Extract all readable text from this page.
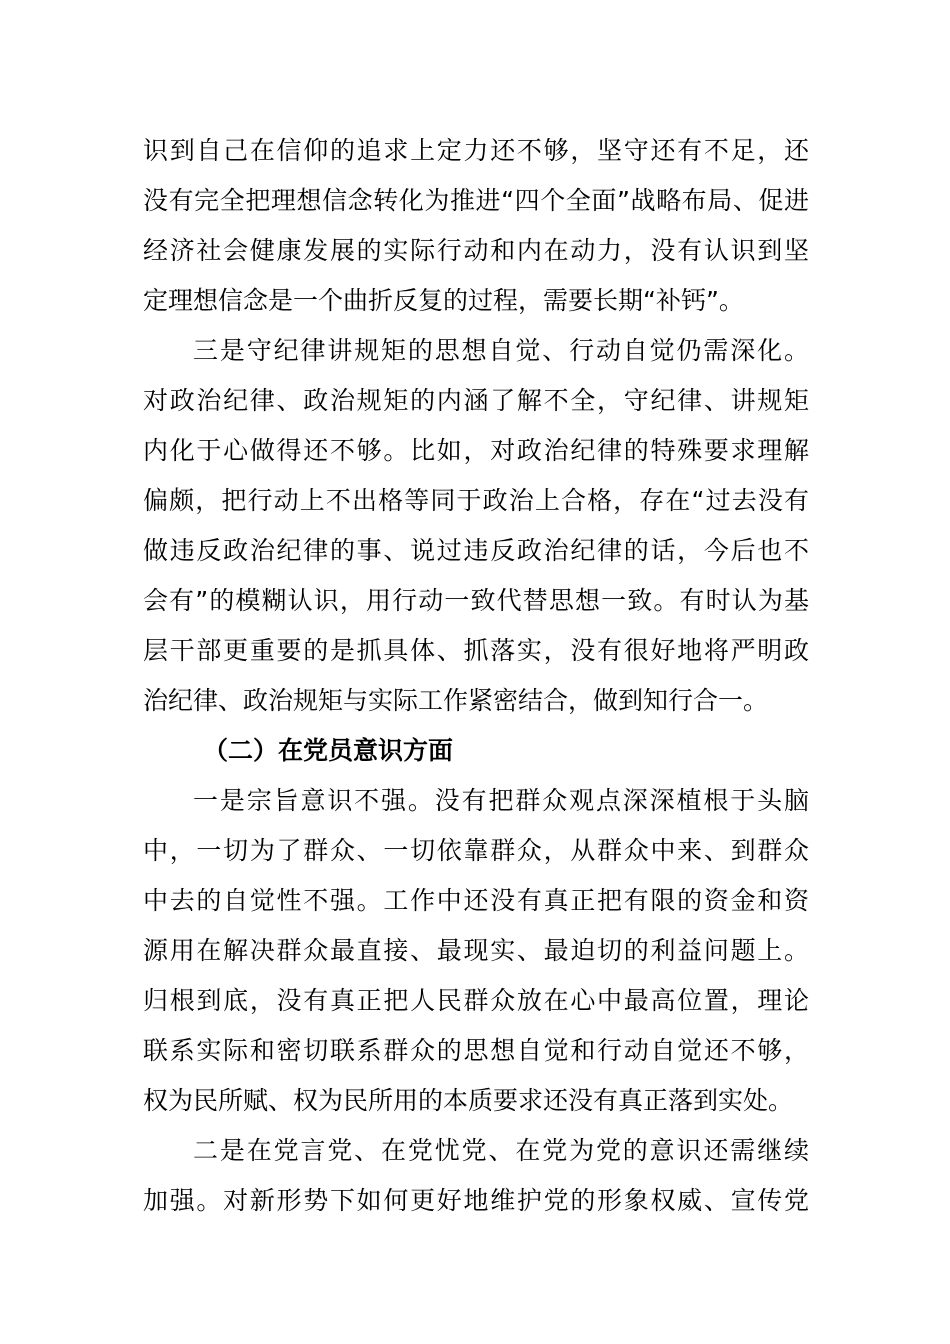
识到自己在信仰的追求上定力还不够，坚守还有不足，还
没有完全把理想信念转化为推进“四个全面”战略布局、促进
经济社会健康发展的实际行动和内在动力，没有认识到坚
定理想信念是一个曲折反复的过程，需要长期“补钙”。
三是守纪律讲规矩的思想自觉、行动自觉仍需深化。
对政治纪律、政治规矩的内涵了解不全，守纪律、讲规矩
内化于心做得还不够。比如，对政治纪律的特殊要求理解
偏颇，把行动上不出格等同于政治上合格，存在“过去没有
做违反政治纪律的事、说过违反政治纪律的话，今后也不
会有”的模糊认识，用行动一致代替思想一致。有时认为基
层干部更重要的是抓具体、抓落实，没有很好地将严明政
治纪律、政治规矩与实际工作紧密结合，做到知行合一。
（二）在党员意识方面
一是宗旨意识不强。没有把群众观点深深植根于头脑
中，一切为了群众、一切依靠群众，从群众中来、到群众
中去的自觉性不强。工作中还没有真正把有限的资金和资
源用在解决群众最直接、最现实、最迫切的利益问题上。
归根到底，没有真正把人民群众放在心中最高位置，理论
联系实际和密切联系群众的思想自觉和行动自觉还不够，
权为民所赋、权为民所用的本质要求还没有真正落到实处。
二是在党言党、在党忧党、在党为党的意识还需继续
加强。对新形势下如何更好地维护党的形象权威、宣传党
